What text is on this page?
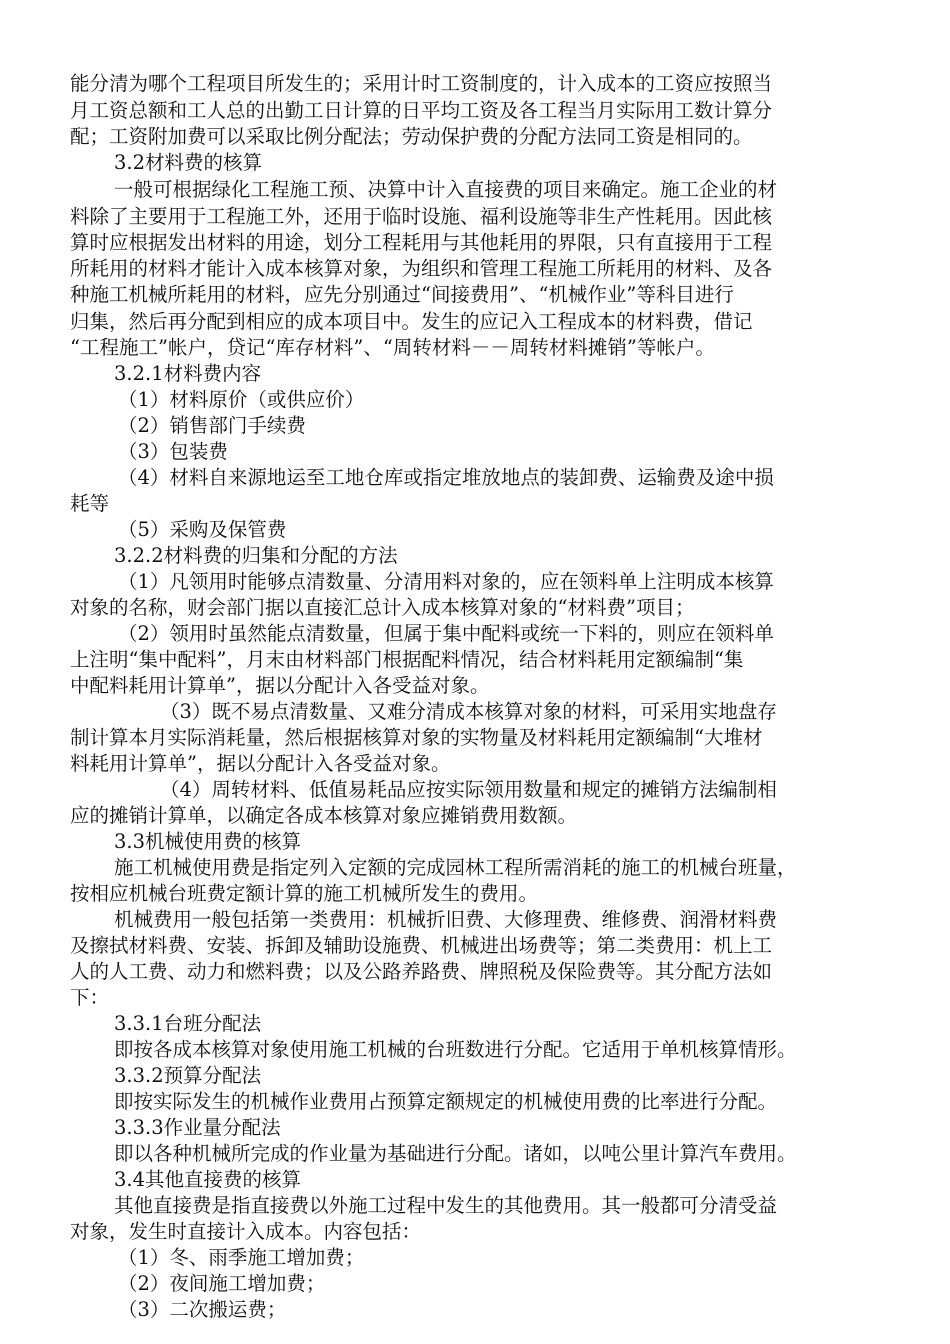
能分清为哪个工程项目所发生的；采用计时工资制度的，计入成本的工资应按照当
月工资总额和工人总的出勤工日计算的日平均工资及各工程当月实际用工数计算分
配；工资附加费可以采取比例分配法；劳动保护费的分配方法同工资是相同的。
3.2材料费的核算
一般可根据绿化工程施工预、决算中计入直接费的项目来确定。施工企业的材
料除了主要用于工程施工外，还用于临时设施、福利设施等非生产性耗用。因此核
算时应根据发出材料的用途，划分工程耗用与其他耗用的界限，只有直接用于工程
所耗用的材料才能计入成本核算对象，为组织和管理工程施工所耗用的材料、及各
种施工机械所耗用的材料，应先分别通过“间接费用”、“机械作业”等科目进行
归集，然后再分配到相应的成本项目中。发生的应记入工程成本的材料费，借记
“工程施工”帐户，贷记“库存材料”、“周转材料－－周转材料摊销”等帐户。
3.2.1材料费内容
（1）材料原价（或供应价）
（2）销售部门手续费
（3）包装费
（4）材料自来源地运至工地仓库或指定堆放地点的装卸费、运输费及途中损
耗等
（5）采购及保管费
3.2.2材料费的归集和分配的方法
（1）凡领用时能够点清数量、分清用料对象的，应在领料单上注明成本核算
对象的名称，财会部门据以直接汇总计入成本核算对象的“材料费”项目；
（2）领用时虽然能点清数量，但属于集中配料或统一下料的，则应在领料单
上注明“集中配料”，月末由材料部门根据配料情况，结合材料耗用定额编制“集
中配料耗用计算单”，据以分配计入各受益对象。
（3）既不易点清数量、又难分清成本核算对象的材料，可采用实地盘存
制计算本月实际消耗量，然后根据核算对象的实物量及材料耗用定额编制“大堆材
料耗用计算单”，据以分配计入各受益对象。
（4）周转材料、低值易耗品应按实际领用数量和规定的摊销方法编制相
应的摊销计算单，以确定各成本核算对象应摊销费用数额。
3.3机械使用费的核算
施工机械使用费是指定列入定额的完成园林工程所需消耗的施工的机械台班量，
按相应机械台班费定额计算的施工机械所发生的费用。
机械费用一般包括第一类费用：机械折旧费、大修理费、维修费、润滑材料费
及擦拭材料费、安装、拆卸及辅助设施费、机械进出场费等；第二类费用：机上工
人的人工费、动力和燃料费；以及公路养路费、牌照税及保险费等。其分配方法如
下：
3.3.1台班分配法
即按各成本核算对象使用施工机械的台班数进行分配。它适用于单机核算情形。
3.3.2预算分配法
即按实际发生的机械作业费用占预算定额规定的机械使用费的比率进行分配。
3.3.3作业量分配法
即以各种机械所完成的作业量为基础进行分配。诸如，以吨公里计算汽车费用。
3.4其他直接费的核算
其他直接费是指直接费以外施工过程中发生的其他费用。其一般都可分清受益
对象，发生时直接计入成本。内容包括：
（1）冬、雨季施工增加费；
（2）夜间施工增加费；
（3）二次搬运费；
